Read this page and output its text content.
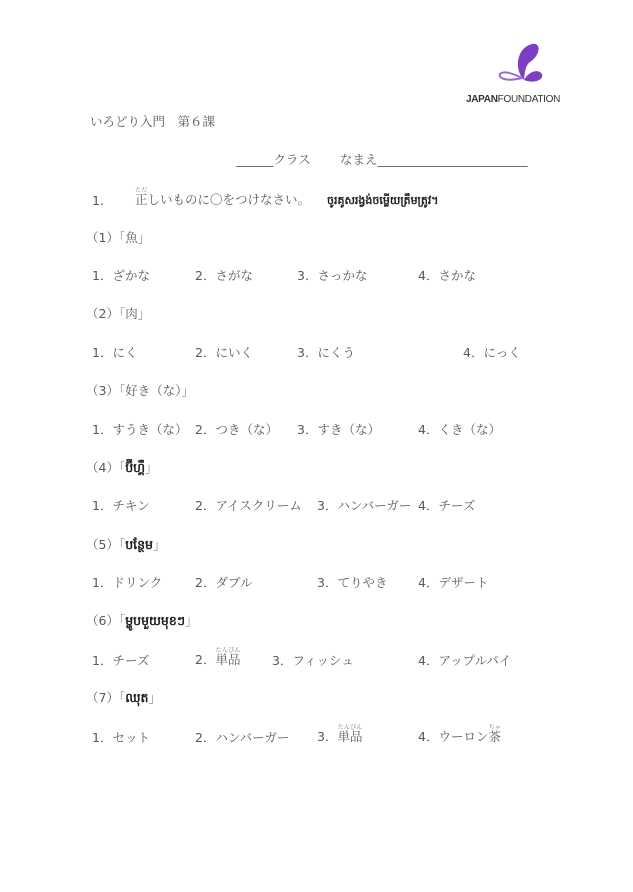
JAPANFOUNDATION
いろどり入門　第６課
______クラス なまえ________________________
1. 正ただしいものに〇をつけなさい。 ចូរគូសរង្វង់ចម្លើយត្រឹមត្រូវ។
（1）「魚」
1．ざかな	2．さがな	3．さっかな	4．さかな
（2）「肉」
1．にく	2．にいく	3．にくう	4．にっく
（3）「好き（な）」
1．すうき（な） 2．つき（な） 3．すき（な）	4．くき（な）
（4）「ប៊ីហ្គឺ」
1．チキン	2．アイスクリーム 3．ハンバーガー 4．チーズ
（5）「បន្ថែម」
1．ドリンク	2．ダブル	3．てりやき 4．デザート
（6）「ម្ហូបមួយមុខៗ」
1．チーズ	2．単品たんぴん
3．フィッシュ	4．アップルパイ
（7）「ឈុត」
1．セット	2．ハンバーガー 3．単品たんぴん
4．ウーロン茶ちゃ
